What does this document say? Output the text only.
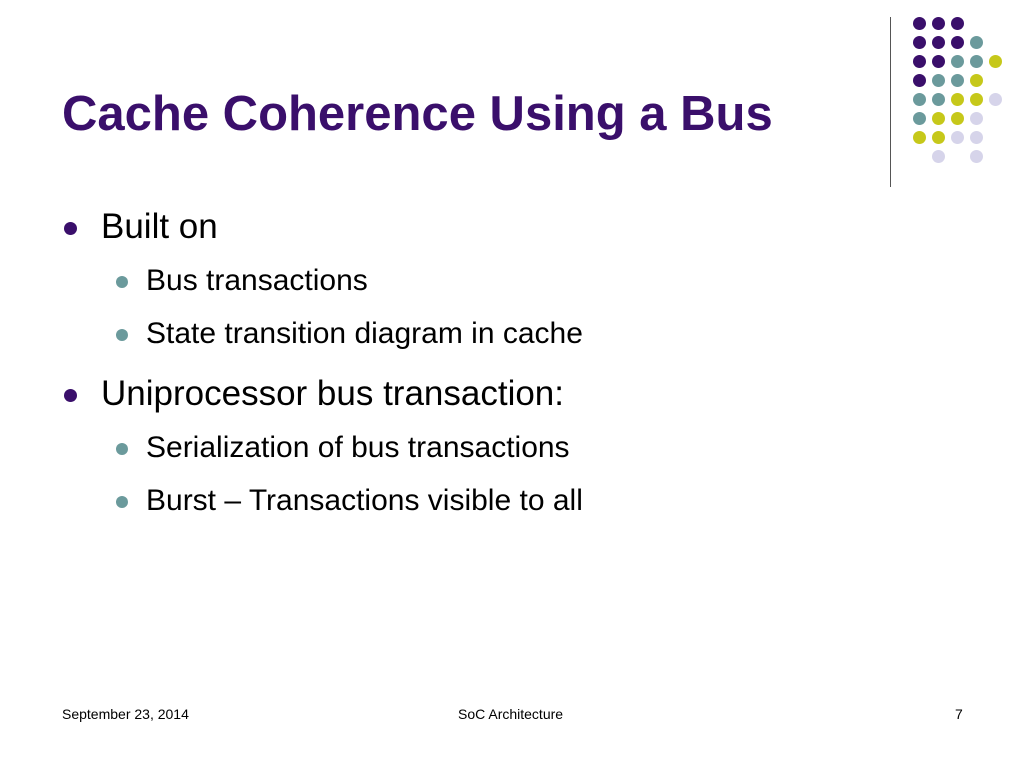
Cache Coherence Using a Bus
Built on
Bus transactions
State transition diagram in cache
Uniprocessor bus transaction:
Serialization of bus transactions
Burst – Transactions visible to all
September 23, 2014	SoC Architecture	7
